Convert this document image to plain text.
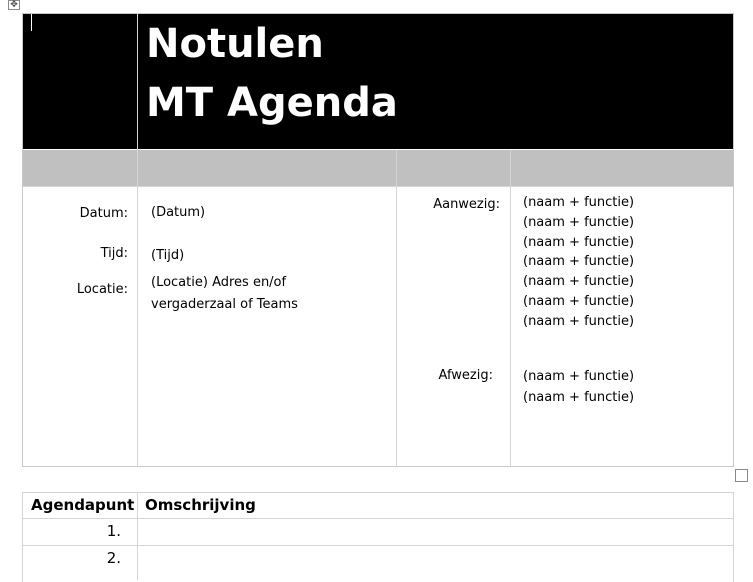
✥
Notulen
MT Agenda
Datum: (Datum)
Tijd: (Tijd)
Locatie: (Locatie) Adres en/of
vergaderzaal of Teams
Aanwezig: (naam + functie)
(naam + functie)
(naam + functie)
(naam + functie)
(naam + functie)
(naam + functie)
(naam + functie)
Afwezig: (naam + functie)
(naam + functie)
Agendapunt Omschrijving
1.
2.
